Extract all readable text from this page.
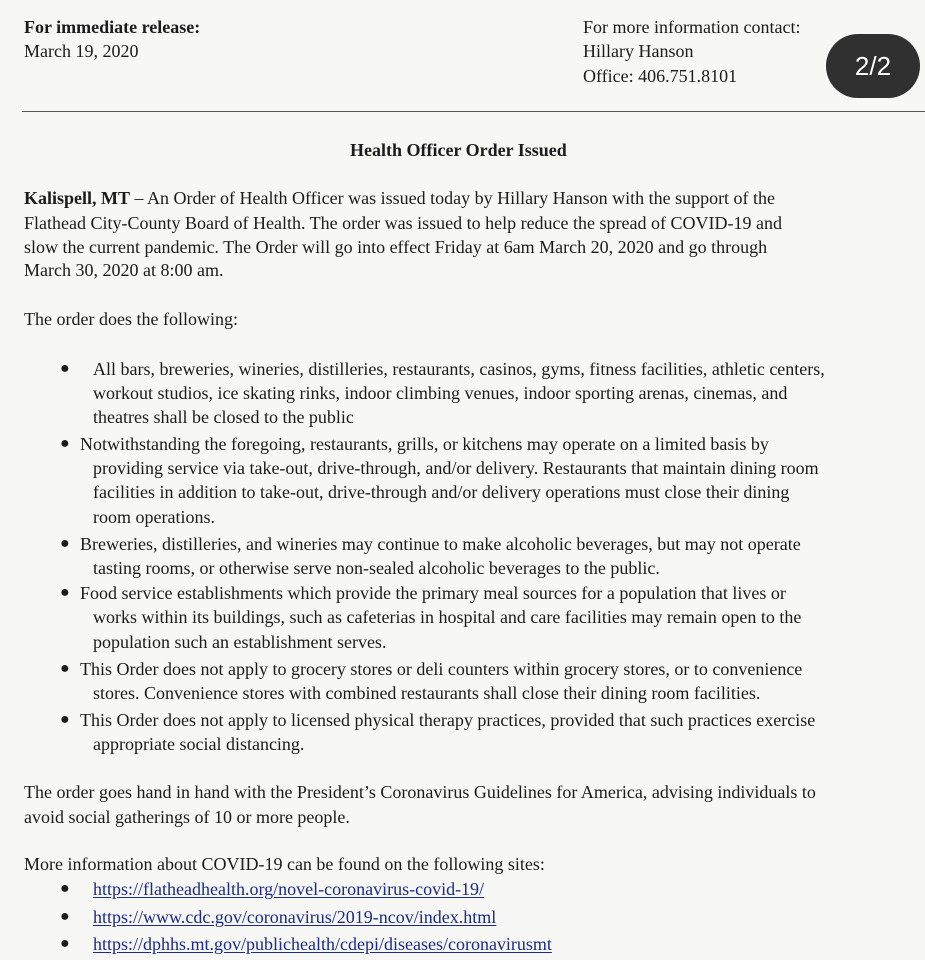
For immediate release:
March 19, 2020
For more information contact:
Hillary Hanson
Office: 406.751.8101	2/2
Health Officer Order Issued
Kalispell, MT – An Order of Health Officer was issued today by Hillary Hanson with the support of the
Flathead City-County Board of Health. The order was issued to help reduce the spread of COVID-19 and
slow the current pandemic. The Order will go into effect Friday at 6am March 20, 2020 and go through
March 30, 2020 at 8:00 am.
The order does the following:
● All bars, breweries, wineries, distilleries, restaurants, casinos, gyms, fitness facilities, athletic centers,
workout studios, ice skating rinks, indoor climbing venues, indoor sporting arenas, cinemas, and
theatres shall be closed to the public
● Notwithstanding the foregoing, restaurants, grills, or kitchens may operate on a limited basis by
providing service via take-out, drive-through, and/or delivery. Restaurants that maintain dining room
facilities in addition to take-out, drive-through and/or delivery operations must close their dining
room operations.
● Breweries, distilleries, and wineries may continue to make alcoholic beverages, but may not operate
tasting rooms, or otherwise serve non-sealed alcoholic beverages to the public.
● Food service establishments which provide the primary meal sources for a population that lives or
works within its buildings, such as cafeterias in hospital and care facilities may remain open to the
population such an establishment serves.
● This Order does not apply to grocery stores or deli counters within grocery stores, or to convenience
stores. Convenience stores with combined restaurants shall close their dining room facilities.
● This Order does not apply to licensed physical therapy practices, provided that such practices exercise
appropriate social distancing.
The order goes hand in hand with the President’s Coronavirus Guidelines for America, advising individuals to
avoid social gatherings of 10 or more people.
More information about COVID-19 can be found on the following sites:
● https://flatheadhealth.org/novel-coronavirus-covid-19/
● https://www.cdc.gov/coronavirus/2019-ncov/index.html
● https://dphhs.mt.gov/publichealth/cdepi/diseases/coronavirusmt
